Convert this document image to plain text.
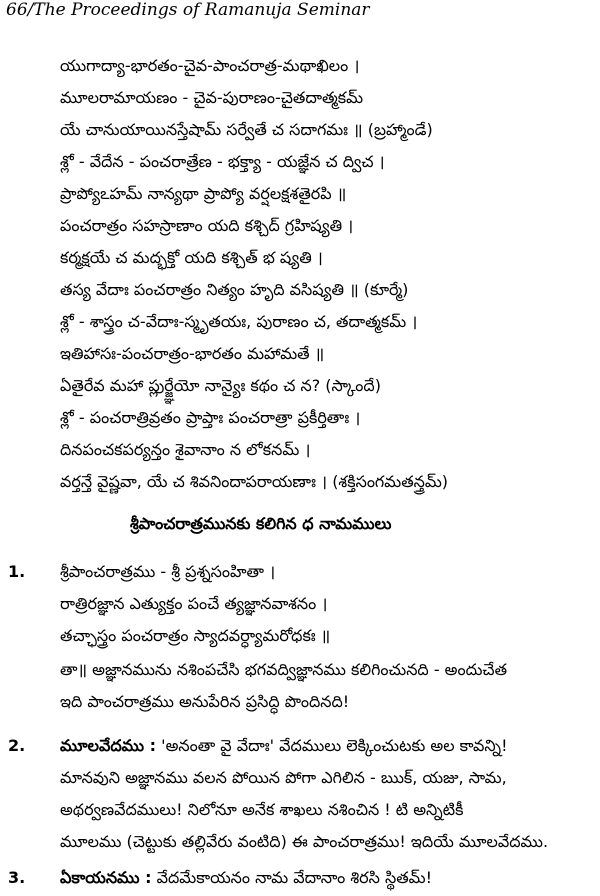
66/The Proceedings of Ramanuja Seminar
యుగాద్యా-భారతం-చైవ-పాంచరాత్ర-మథాఖిలం ।
మూలరామాయణం - చైవ-పురాణం-చైతదాత్మకమ్
యే చానుయాయినస్తేషామ్ సర్వేతే చ సదాగమః ॥ (బ్రహ్మాండే)
శ్లో - వేదేన - పంచరాత్రేణ - భక్త్యా - యజ్ఞేన చ ద్విచ ।
ప్రాప్యోఽహమ్ నాన్యథా ప్రాప్యో వర్షలక్షశతైరపి ॥
పంచరాత్రం సహస్రాణాం యది కశ్చిద్ గ్రహిష్యతి ।
కర్మక్షయే చ మద్భక్తో యది కశ్చిత్ భ ష్యతి ।
తస్య వేదాః పంచరాత్రం నిత్యం హృది వసిష్యతి ॥ (కూర్మే)
శ్లో - శాస్త్రం చ-వేదాః-స్మృతయః, పురాణం చ, తదాత్మకమ్ ।
ఇతిహాసః-పంచరాత్రం-భారతం మహామతే ॥
ఏతైరేవ మహా ప్లుర్జ్ఞేయో నాన్యైః కథం చ న? (స్కాందే)
శ్లో - పంచరాత్రివ్రతం ప్రాప్తాః పంచరాత్రా ప్రకీర్తితాః ।
దినపంచకపర్యన్తం శైవానాం న లోకనమ్ ।
వర్తన్తే వైష్ణవా, యే చ శివనిందాపరాయణాః । (శక్తిసంగమతన్త్రమ్)
శ్రీపాంచరాత్రమునకు కలిగిన ధ నామములు
1. శ్రీపాంచరాత్రము - శ్రీ ప్రశ్నసంహితా ।
రాత్రిరజ్ఞాన ఎత్యుక్తం పంచే త్యజ్ఞానవాశనం ।
తచ్ఛాస్త్రం పంచరాత్రం స్యాదవర్ధ్యామరోధకః ॥
తా॥ అజ్ఞానమును నశింపచేసి భగవద్విజ్ఞానము కలిగించునది - అందుచేత
ఇది పాంచరాత్రము అనుపేరిన ప్రసిద్ధి పొందినది!
2. మూలవేదము : 'అనంతా వై వేదాః' వేదములు లెక్కించుటకు అల కావన్ని!
మానవుని అజ్ఞానము వలన పోయిన పోగా ఎగిలిన - ఋక్, యజు, సామ,
అథర్వణవేదములు! నిలోనూ అనేక శాఖలు నశించిన ! టి అన్నిటికీ
మూలము (చెట్టుకు తల్లివేరు వంటిది) ఈ పాంచరాత్రము! ఇదియే మూలవేదము.
3. ఏకాయనము : వేదమేకాయనం నామ వేదానాం శిరసి స్థితమ్!
